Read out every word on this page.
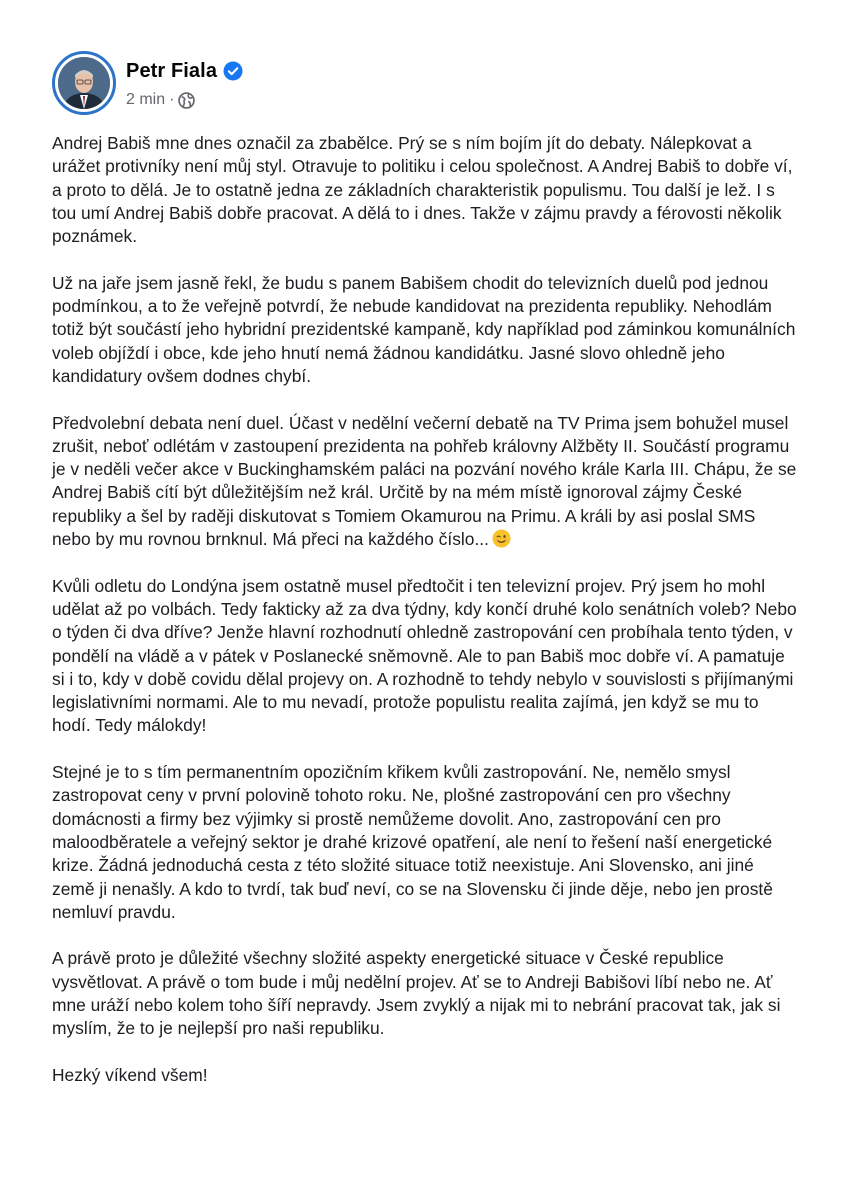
Petr Fiala
2 min ·

Andrej Babiš mne dnes označil za zbabělce. Prý se s ním bojím jít do debaty. Nálepkovat a urážet protivníky není můj styl. Otravuje to politiku i celou společnost. A Andrej Babiš to dobře ví, a proto to dělá. Je to ostatně jedna ze základních charakteristik populismu. Tou další je lež. I s tou umí Andrej Babiš dobře pracovat. A dělá to i dnes. Takže v zájmu pravdy a férovosti několik poznámek.

Už na jaře jsem jasně řekl, že budu s panem Babišem chodit do televizních duelů pod jednou podmínkou, a to že veřejně potvrdí, že nebude kandidovat na prezidenta republiky. Nehodlám totiž být součástí jeho hybridní prezidentské kampaně, kdy například pod záminkou komunálních voleb objíždí i obce, kde jeho hnutí nemá žádnou kandidátku. Jasné slovo ohledně jeho kandidatury ovšem dodnes chybí.

Předvolební debata není duel. Účast v nedělní večerní debatě na TV Prima jsem bohužel musel zrušit, neboť odlétám v zastoupení prezidenta na pohřeb královny Alžběty II. Součástí programu je v neděli večer akce v Buckinghamském paláci na pozvání nového krále Karla III. Chápu, že se Andrej Babiš cítí být důležitějším než král. Určitě by na mém místě ignoroval zájmy České republiky a šel by raději diskutovat s Tomiem Okamurou na Primu. A králi by asi poslal SMS nebo by mu rovnou brnknul. Má přeci na každého číslo...

Kvůli odletu do Londýna jsem ostatně musel předtočit i ten televizní projev. Prý jsem ho mohl udělat až po volbách. Tedy fakticky až za dva týdny, kdy končí druhé kolo senátních voleb? Nebo o týden či dva dříve? Jenže hlavní rozhodnutí ohledně zastropování cen probíhala tento týden, v pondělí na vládě a v pátek v Poslanecké sněmovně. Ale to pan Babiš moc dobře ví. A pamatuje si i to, kdy v době covidu dělal projevy on. A rozhodně to tehdy nebylo v souvislosti s přijímanými legislativními normami. Ale to mu nevadí, protože populistu realita zajímá, jen když se mu to hodí. Tedy málokdy!

Stejné je to s tím permanentním opozičním křikem kvůli zastropování. Ne, nemělo smysl zastropovat ceny v první polovině tohoto roku. Ne, plošné zastropování cen pro všechny domácnosti a firmy bez výjimky si prostě nemůžeme dovolit. Ano, zastropování cen pro maloodběratele a veřejný sektor je drahé krizové opatření, ale není to řešení naší energetické krize. Žádná jednoduchá cesta z této složité situace totiž neexistuje. Ani Slovensko, ani jiné země ji nenašly. A kdo to tvrdí, tak buď neví, co se na Slovensku či jinde děje, nebo jen prostě nemluví pravdu.

A právě proto je důležité všechny složité aspekty energetické situace v České republice vysvětlovat. A právě o tom bude i můj nedělní projev. Ať se to Andreji Babišovi líbí nebo ne. Ať mne uráží nebo kolem toho šíří nepravdy. Jsem zvyklý a nijak mi to nebrání pracovat tak, jak si myslím, že to je nejlepší pro naši republiku.

Hezký víkend všem!
